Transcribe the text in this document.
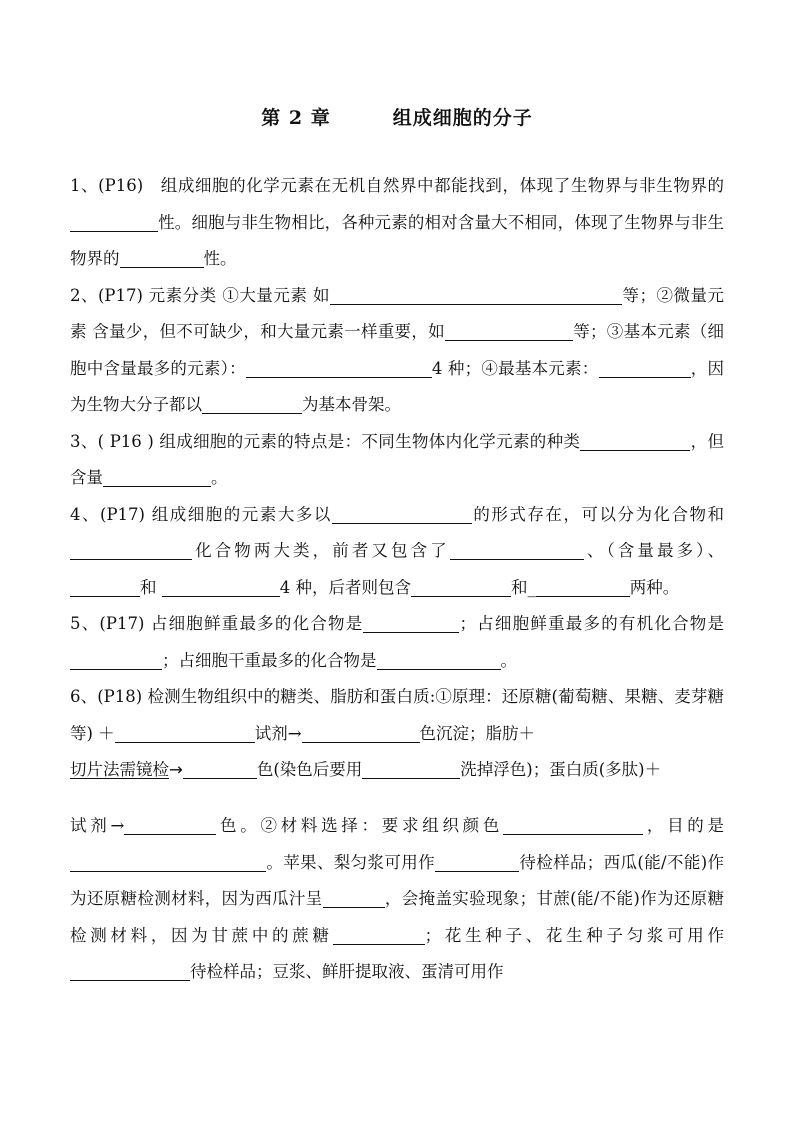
第 2 章	组成细胞的分子

1、(P16)　组成细胞的化学元素在无机自然界中都能找到，体现了生物界与非生物界的性。细胞与非生物相比，各种元素的相对含量大不相同，体现了生物界与非生物界的	性。

2、(P17) 元素分类 ①大量元素 如	等；②微量元素 含量少，但不可缺少，和大量元素一样重要，如	等；③基本元素（细胞中含量最多的元素）：	4 种；④最基本元素：	，因为生物大分子都以	为基本骨架。

3、( P16 ) 组成细胞的元素的特点是：不同生物体内化学元素的种类	，但含量	。

4、(P17) 组成细胞的元素大多以	的形式存在，可以分为化合物和化合物两大类，前者又包含了	、（含量最多）、和	4 种，后者则包含	和_	两种。

5、(P17) 占细胞鲜重最多的化合物是	；占细胞鲜重最多的有机化合物是；占细胞干重最多的化合物是	。

6、(P18) 检测生物组织中的糖类、脂肪和蛋白质:①原理：还原糖(葡萄糖、果糖、麦芽糖等) ＋	试剂→	色沉淀；脂肪＋
切片法需镜检→	色(染色后要用	洗掉浮色)；蛋白质(多肽)＋
试剂→	色。②材料选择：要求组织颜色	，目的是。苹果、梨匀浆可用作	待检样品；西瓜(能/不能)作为还原糖检测材料，因为西瓜汁呈	，会掩盖实验现象；甘蔗(能/不能)作为还原糖检测材料，因为甘蔗中的蔗糖	；花生种子、花生种子匀浆可用作待检样品；豆浆、鲜肝提取液、蛋清可用作
